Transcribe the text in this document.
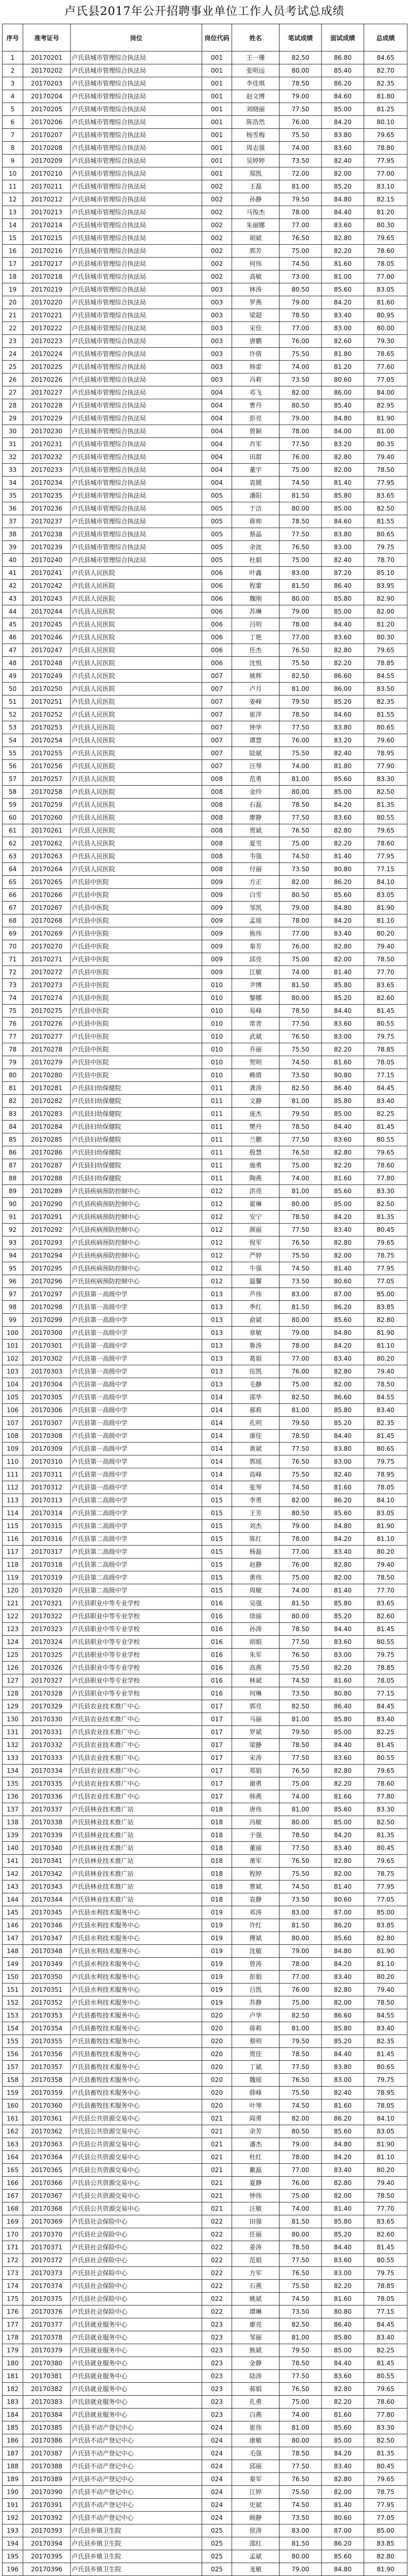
卢氏县2017年公开招聘事业单位工作人员考试总成绩
序号	准考证号	岗位	岗位代码	姓名	笔试成绩	面试成绩	总成绩
1	20170201	卢氏县城市管理综合执法局	001	王一珊	82.50	86.80	84.65
2	20170202	卢氏县城市管理综合执法局	001	张明远	80.00	85.40	82.70
3	20170203	卢氏县城市管理综合执法局	001	李佳琪	78.50	86.20	82.35
4	20170204	卢氏县城市管理综合执法局	001	赵文博	79.00	84.60	81.80
5	20170205	卢氏县城市管理综合执法局	001	刘晓丽	77.50	85.00	81.25
6	20170206	卢氏县城市管理综合执法局	001	陈浩然	76.00	84.20	80.10
7	20170207	卢氏县城市管理综合执法局	001	杨雪梅	75.50	83.80	79.65
8	20170208	卢氏县城市管理综合执法局	001	周志强	74.00	83.60	78.80
9	20170209	卢氏县城市管理综合执法局	001	吴婷婷	73.50	82.40	77.95
10	20170210	卢氏县城市管理综合执法局	001	郑凯	72.00	82.00	77.00
11	20170211	卢氏县城市管理综合执法局	002	王磊	81.00	85.20	83.10
12	20170212	卢氏县城市管理综合执法局	002	孙静	79.50	84.80	82.15
13	20170213	卢氏县城市管理综合执法局	002	马俊杰	78.00	84.40	81.20
14	20170214	卢氏县城市管理综合执法局	002	朱丽娜	77.00	83.60	80.30
15	20170215	卢氏县城市管理综合执法局	002	胡斌	76.50	82.80	79.65
16	20170216	卢氏县城市管理综合执法局	002	郭芳	75.00	82.20	78.60
17	20170217	卢氏县城市管理综合执法局	002	何伟	74.50	81.60	78.05
18	20170218	卢氏县城市管理综合执法局	002	高敏	73.00	81.00	77.00
19	20170219	卢氏县城市管理综合执法局	003	林涛	80.50	85.60	83.05
20	20170220	卢氏县城市管理综合执法局	003	罗燕	79.00	84.20	81.60
21	20170221	卢氏县城市管理综合执法局	003	梁超	78.50	83.40	80.95
22	20170222	卢氏县城市管理综合执法局	003	宋佳	77.00	83.00	80.00
23	20170223	卢氏县城市管理综合执法局	003	唐鹏	76.00	82.60	79.30
24	20170224	卢氏县城市管理综合执法局	003	许倩	75.50	81.80	78.65
25	20170225	卢氏县城市管理综合执法局	003	韩雷	74.00	81.20	77.60
26	20170226	卢氏县城市管理综合执法局	003	冯莉	73.50	80.60	77.05
27	20170227	卢氏县城市管理综合执法局	004	邓飞	82.00	86.00	84.00
28	20170228	卢氏县城市管理综合执法局	004	曹丹	80.50	85.40	82.95
29	20170229	卢氏县城市管理综合执法局	004	彭亮	79.00	84.80	81.90
30	20170230	卢氏县城市管理综合执法局	004	曾颖	78.00	84.00	81.00
31	20170231	卢氏县城市管理综合执法局	004	肖军	77.50	83.20	80.35
32	20170232	卢氏县城市管理综合执法局	004	田甜	76.00	82.80	79.40
33	20170233	卢氏县城市管理综合执法局	004	董宇	75.00	82.00	78.50
34	20170234	卢氏县城市管理综合执法局	004	袁媛	74.50	81.40	77.95
35	20170235	卢氏县城市管理综合执法局	005	潘阳	81.50	85.80	83.65
36	20170236	卢氏县城市管理综合执法局	005	于洁	80.00	85.00	82.50
37	20170237	卢氏县城市管理综合执法局	005	蒋帅	78.50	84.60	81.55
38	20170238	卢氏县城市管理综合执法局	005	蔡晶	77.50	83.80	80.65
39	20170239	卢氏县城市管理综合执法局	005	余波	76.50	83.00	79.75
40	20170240	卢氏县城市管理综合执法局	005	杜娟	75.00	82.40	78.70
41	20170241	卢氏县人民医院	006	叶鑫	83.00	87.20	85.10
42	20170242	卢氏县人民医院	006	程蕾	81.50	86.40	83.95
43	20170243	卢氏县人民医院	006	魏刚	80.00	85.80	82.90
44	20170244	卢氏县人民医院	006	苏琳	79.00	85.00	82.00
45	20170245	卢氏县人民医院	006	吕明	78.00	84.40	81.20
46	20170246	卢氏县人民医院	006	丁艳	77.00	83.60	80.30
47	20170247	卢氏县人民医院	006	任杰	76.50	82.80	79.65
48	20170248	卢氏县人民医院	006	沈悦	75.50	82.20	78.85
49	20170249	卢氏县人民医院	007	姚辉	82.50	86.60	84.55
50	20170250	卢氏县人民医院	007	卢月	81.00	86.00	83.50
51	20170251	卢氏县人民医院	007	姜峰	79.50	85.20	82.35
52	20170252	卢氏县人民医院	007	崔萍	78.50	84.60	81.55
53	20170253	卢氏县人民医院	007	钟华	77.50	83.80	80.65
54	20170254	卢氏县人民医院	007	谭慧	76.00	83.20	79.60
55	20170255	卢氏县人民医院	007	陆斌	75.50	82.40	78.95
56	20170256	卢氏县人民医院	007	汪琴	74.00	81.80	77.90
57	20170257	卢氏县人民医院	008	范勇	81.00	85.60	83.30
58	20170258	卢氏县人民医院	008	金玲	80.00	85.00	82.50
59	20170259	卢氏县人民医院	008	石磊	78.50	84.20	81.35
60	20170260	卢氏县人民医院	008	廖静	77.50	83.60	80.55
61	20170261	卢氏县人民医院	008	贾斌	76.50	82.80	79.65
62	20170262	卢氏县人民医院	008	夏雪	75.00	82.20	78.60
63	20170263	卢氏县人民医院	008	韦强	74.50	81.40	77.95
64	20170264	卢氏县人民医院	008	付丽	73.50	80.80	77.15
65	20170265	卢氏县中医院	009	方正	82.00	86.20	84.10
66	20170266	卢氏县中医院	009	白雪	80.50	85.60	83.05
67	20170267	卢氏县中医院	009	邹凯	79.00	84.80	81.90
68	20170268	卢氏县中医院	009	孟瑶	78.00	84.20	81.10
69	20170269	卢氏县中医院	009	熊伟	77.00	83.40	80.20
70	20170270	卢氏县中医院	009	秦芳	76.00	82.80	79.40
71	20170271	卢氏县中医院	009	邱亮	75.00	82.00	78.50
72	20170272	卢氏县中医院	009	江敏	74.00	81.40	77.70
73	20170273	卢氏县中医院	010	尹博	81.50	85.80	83.65
74	20170274	卢氏县中医院	010	黎娜	80.00	85.20	82.60
75	20170275	卢氏县中医院	010	易峰	78.50	84.40	81.45
76	20170276	卢氏县中医院	010	常青	77.50	83.60	80.55
77	20170277	卢氏县中医院	010	武斌	76.50	83.00	79.75
78	20170278	卢氏县中医院	010	乔丽	75.50	82.20	78.85
79	20170279	卢氏县中医院	010	贺明	74.50	81.60	78.05
80	20170280	卢氏县中医院	010	赖倩	73.50	80.80	77.15
81	20170281	卢氏县妇幼保健院	011	龚涛	82.50	86.40	84.45
82	20170282	卢氏县妇幼保健院	011	文静	81.00	85.80	83.40
83	20170283	卢氏县妇幼保健院	011	庞杰	79.50	85.00	82.25
84	20170284	卢氏县妇幼保健院	011	樊丹	78.50	84.40	81.45
85	20170285	卢氏县妇幼保健院	011	兰鹏	77.50	83.60	80.55
86	20170286	卢氏县妇幼保健院	011	殷慧	76.50	82.80	79.65
87	20170287	卢氏县妇幼保健院	011	施勇	75.00	82.20	78.60
88	20170288	卢氏县妇幼保健院	011	陶燕	74.00	81.60	77.80
89	20170289	卢氏县疾病预防控制中心	012	洪亮	81.00	85.60	83.30
90	20170290	卢氏县疾病预防控制中心	012	翟琳	80.00	85.00	82.50
91	20170291	卢氏县疾病预防控制中心	012	安宁	78.50	84.20	81.35
92	20170292	卢氏县疾病预防控制中心	012	颜丽	77.50	83.40	80.45
93	20170293	卢氏县疾病预防控制中心	012	倪军	76.50	82.80	79.65
94	20170294	卢氏县疾病预防控制中心	012	严婷	75.50	82.00	78.75
95	20170295	卢氏县疾病预防控制中心	012	牛强	74.50	81.40	77.95
96	20170296	卢氏县疾病预防控制中心	012	温馨	73.50	80.60	77.05
97	20170297	卢氏县第一高级中学	013	芦伟	83.00	87.00	85.00
98	20170298	卢氏县第一高级中学	013	季红	81.50	86.20	83.85
99	20170299	卢氏县第一高级中学	013	俞斌	80.00	85.60	82.80
100	20170300	卢氏县第一高级中学	013	章敏	79.00	84.80	81.90
101	20170301	卢氏县第一高级中学	013	鲁涛	78.00	84.20	81.10
102	20170302	卢氏县第一高级中学	013	葛娟	77.00	83.40	80.20
103	20170303	卢氏县第一高级中学	013	伍凯	76.00	82.80	79.40
104	20170304	卢氏县第一高级中学	013	毛静	75.00	82.00	78.50
105	20170305	卢氏县第一高级中学	014	邵华	82.50	86.60	84.55
106	20170306	卢氏县第一高级中学	014	郝莉	81.00	85.80	83.40
107	20170307	卢氏县第一高级中学	014	孔明	79.50	85.20	82.35
108	20170308	卢氏县第一高级中学	014	康佳	78.50	84.40	81.45
109	20170309	卢氏县第一高级中学	014	黄斌	77.50	83.80	80.65
110	20170310	卢氏县第一高级中学	014	郭瑶	76.50	83.00	79.75
111	20170311	卢氏县第一高级中学	014	高峰	75.50	82.40	78.95
112	20170312	卢氏县第一高级中学	014	张琴	74.50	81.60	78.05
113	20170313	卢氏县第二高级中学	015	李勇	82.00	86.20	84.10
114	20170314	卢氏县第二高级中学	015	王芳	80.50	85.60	83.05
115	20170315	卢氏县第二高级中学	015	刘杰	79.00	84.80	81.90
116	20170316	卢氏县第二高级中学	015	陈红	78.00	84.20	81.10
117	20170317	卢氏县第二高级中学	015	杨磊	77.00	83.40	80.20
118	20170318	卢氏县第二高级中学	015	赵静	76.00	82.80	79.40
119	20170319	卢氏县第二高级中学	015	黄伟	75.00	82.00	78.50
120	20170320	卢氏县第二高级中学	015	周敏	74.00	81.40	77.70
121	20170321	卢氏县职业中等专业学校	016	吴强	81.50	85.80	83.65
122	20170322	卢氏县职业中等专业学校	016	徐丽	80.00	85.20	82.60
123	20170323	卢氏县职业中等专业学校	016	孙涛	78.50	84.40	81.45
124	20170324	卢氏县职业中等专业学校	016	胡娟	77.50	83.60	80.55
125	20170325	卢氏县职业中等专业学校	016	朱军	76.50	83.00	79.75
126	20170326	卢氏县职业中等专业学校	016	高燕	75.50	82.20	78.85
127	20170327	卢氏县职业中等专业学校	016	林斌	74.50	81.60	78.05
128	20170328	卢氏县职业中等专业学校	016	何琳	73.50	80.80	77.15
129	20170329	卢氏县农业技术推广中心	017	郭亮	82.50	86.40	84.45
130	20170330	卢氏县农业技术推广中心	017	马丽	81.00	85.80	83.40
131	20170331	卢氏县农业技术推广中心	017	罗斌	79.50	85.00	82.25
132	20170332	卢氏县农业技术推广中心	017	梁静	78.50	84.40	81.45
133	20170333	卢氏县农业技术推广中心	017	宋涛	77.50	83.60	80.55
134	20170334	卢氏县农业技术推广中心	017	郑娟	76.50	82.80	79.65
135	20170335	卢氏县农业技术推广中心	017	谢勇	75.00	82.20	78.60
136	20170336	卢氏县农业技术推广中心	017	韩燕	74.00	81.60	77.80
137	20170337	卢氏县林业技术推广站	018	唐伟	81.00	85.60	83.30
138	20170338	卢氏县林业技术推广站	018	冯敏	80.00	85.00	82.50
139	20170339	卢氏县林业技术推广站	018	于强	78.50	84.20	81.35
140	20170340	卢氏县林业技术推广站	018	董丽	77.50	83.40	80.45
141	20170341	卢氏县林业技术推广站	018	萧军	76.50	82.80	79.65
142	20170342	卢氏县林业技术推广站	018	程婷	75.50	82.00	78.75
143	20170343	卢氏县林业技术推广站	018	曹斌	74.50	81.40	77.95
144	20170344	卢氏县林业技术推广站	018	袁静	73.50	80.60	77.05
145	20170345	卢氏县水利技术服务中心	019	邓涛	83.00	87.00	85.00
146	20170346	卢氏县水利技术服务中心	019	许红	81.50	86.20	83.85
147	20170347	卢氏县水利技术服务中心	019	傅斌	80.00	85.60	82.80
148	20170348	卢氏县水利技术服务中心	019	沈敏	79.00	84.80	81.90
149	20170349	卢氏县水利技术服务中心	019	曾涛	78.00	84.20	81.10
150	20170350	卢氏县水利技术服务中心	019	彭娟	77.00	83.40	80.20
151	20170351	卢氏县水利技术服务中心	019	吕凯	76.00	82.80	79.40
152	20170352	卢氏县水利技术服务中心	019	苏静	75.00	82.00	78.50
153	20170353	卢氏县畜牧技术服务中心	020	卢华	82.50	86.60	84.55
154	20170354	卢氏县畜牧技术服务中心	020	蒋莉	81.00	85.80	83.40
155	20170355	卢氏县畜牧技术服务中心	020	蔡明	79.50	85.20	82.35
156	20170356	卢氏县畜牧技术服务中心	020	贾佳	78.50	84.40	81.45
157	20170357	卢氏县畜牧技术服务中心	020	丁斌	77.50	83.80	80.65
158	20170358	卢氏县畜牧技术服务中心	020	魏瑶	76.50	83.00	79.75
159	20170359	卢氏县畜牧技术服务中心	020	薛峰	75.50	82.40	78.95
160	20170360	卢氏县畜牧技术服务中心	020	叶琴	74.50	81.60	78.05
161	20170361	卢氏县公共资源交易中心	021	阎勇	82.00	86.20	84.10
162	20170362	卢氏县公共资源交易中心	021	余芳	80.50	85.60	83.05
163	20170363	卢氏县公共资源交易中心	021	潘杰	79.00	84.80	81.90
164	20170364	卢氏县公共资源交易中心	021	杜红	78.00	84.20	81.10
165	20170365	卢氏县公共资源交易中心	021	戴磊	77.00	83.40	80.20
166	20170366	卢氏县公共资源交易中心	021	夏静	76.00	82.80	79.40
167	20170367	卢氏县公共资源交易中心	021	钟伟	75.00	82.00	78.50
168	20170368	卢氏县公共资源交易中心	021	汪敏	74.00	81.40	77.70
169	20170369	卢氏县社会保险中心	022	田强	81.50	85.80	83.65
170	20170370	卢氏县社会保险中心	022	任丽	80.00	85.20	82.60
171	20170371	卢氏县社会保险中心	022	姜涛	78.50	84.40	81.45
172	20170372	卢氏县社会保险中心	022	范娟	77.50	83.60	80.55
173	20170373	卢氏县社会保险中心	022	方军	76.50	83.00	79.75
174	20170374	卢氏县社会保险中心	022	石燕	75.50	82.20	78.85
175	20170375	卢氏县社会保险中心	022	姚斌	74.50	81.60	78.05
176	20170376	卢氏县社会保险中心	022	谭琳	73.50	80.80	77.15
177	20170377	卢氏县就业服务中心	023	廖亮	82.50	86.40	84.45
178	20170378	卢氏县就业服务中心	023	邹丽	81.00	85.80	83.40
179	20170379	卢氏县就业服务中心	023	熊斌	79.50	85.00	82.25
180	20170380	卢氏县就业服务中心	023	金静	78.50	84.40	81.45
181	20170381	卢氏县就业服务中心	023	陆涛	77.50	83.60	80.55
182	20170382	卢氏县就业服务中心	023	郝娟	76.50	82.80	79.65
183	20170383	卢氏县就业服务中心	023	孔勇	75.00	82.20	78.60
184	20170384	卢氏县就业服务中心	023	白燕	74.00	81.60	77.80
185	20170385	卢氏县不动产登记中心	024	崔伟	81.00	85.60	83.30
186	20170386	卢氏县不动产登记中心	024	康敏	80.00	85.00	82.50
187	20170387	卢氏县不动产登记中心	024	毛强	78.50	84.20	81.35
188	20170388	卢氏县不动产登记中心	024	邱丽	77.50	83.40	80.45
189	20170389	卢氏县不动产登记中心	024	秦军	76.50	82.80	79.65
190	20170390	卢氏县不动产登记中心	024	江婷	75.50	82.00	78.75
191	20170391	卢氏县不动产登记中心	024	史斌	74.50	81.40	77.95
192	20170392	卢氏县不动产登记中心	024	顾静	73.50	80.60	77.05
193	20170393	卢氏县乡镇卫生院	025	侯涛	83.00	87.00	85.00
194	20170394	卢氏县乡镇卫生院	025	邵红	81.50	86.20	83.85
195	20170395	卢氏县乡镇卫生院	025	孟斌	80.00	85.60	82.80
196	20170396	卢氏县乡镇卫生院	025	龙敏	79.00	84.80	81.90
